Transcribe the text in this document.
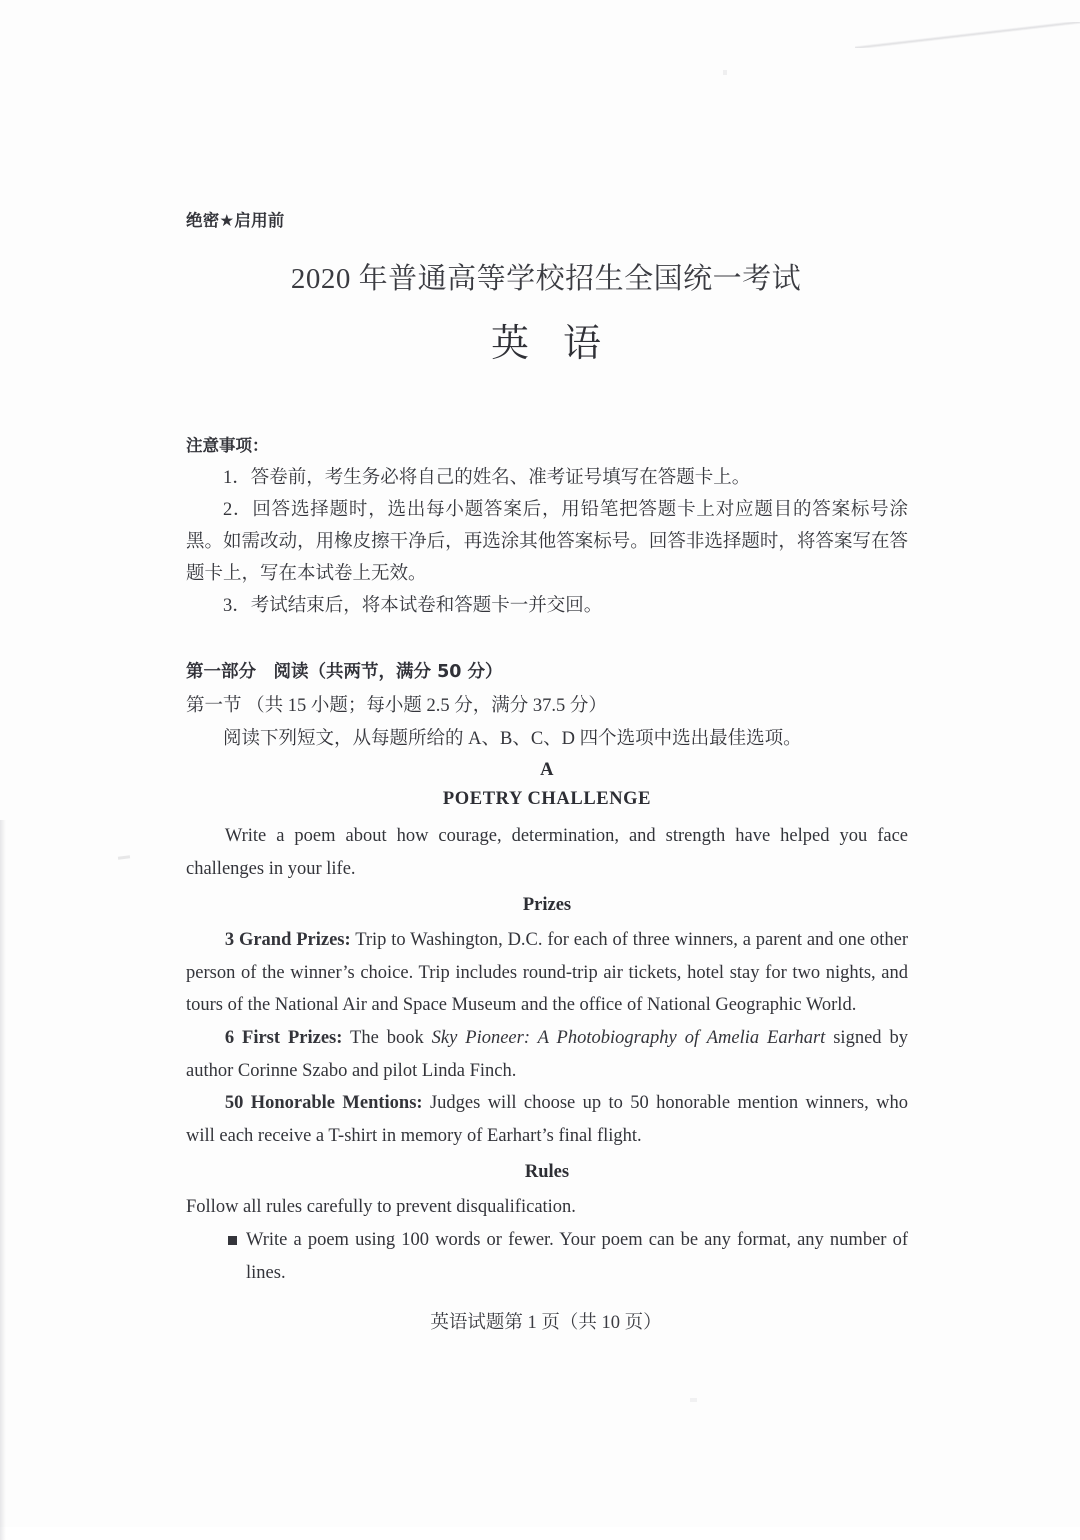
绝密★启用前
2020 年普通高等学校招生全国统一考试
英语
注意事项：

1．答卷前，考生务必将自己的姓名、准考证号填写在答题卡上。

2．回答选择题时，选出每小题答案后，用铅笔把答题卡上对应题目的答案标号涂黑。如需改动，用橡皮擦干净后，再选涂其他答案标号。回答非选择题时，将答案写在答题卡上，写在本试卷上无效。

3．考试结束后，将本试卷和答题卡一并交回。

第一部分　阅读（共两节，满分 50 分）
第一节 （共 15 小题；每小题 2.5 分，满分 37.5 分）
阅读下列短文，从每题所给的 A、B、C、D 四个选项中选出最佳选项。

A

POETRY CHALLENGE

Write a poem about how courage, determination, and strength have helped you face challenges in your life.

Prizes

3 Grand Prizes: Trip to Washington, D.C. for each of three winners, a parent and one other person of the winner’s choice. Trip includes round-trip air tickets, hotel stay for two nights, and tours of the National Air and Space Museum and the office of National Geographic World.

6 First Prizes: The book Sky Pioneer: A Photobiography of Amelia Earhart signed by author Corinne Szabo and pilot Linda Finch.

50 Honorable Mentions: Judges will choose up to 50 honorable mention winners, who will each receive a T-shirt in memory of Earhart’s final flight.

Rules

Follow all rules carefully to prevent disqualification.

Write a poem using 100 words or fewer. Your poem can be any format, any number of lines.
英语试题第 1 页（共 10 页）
